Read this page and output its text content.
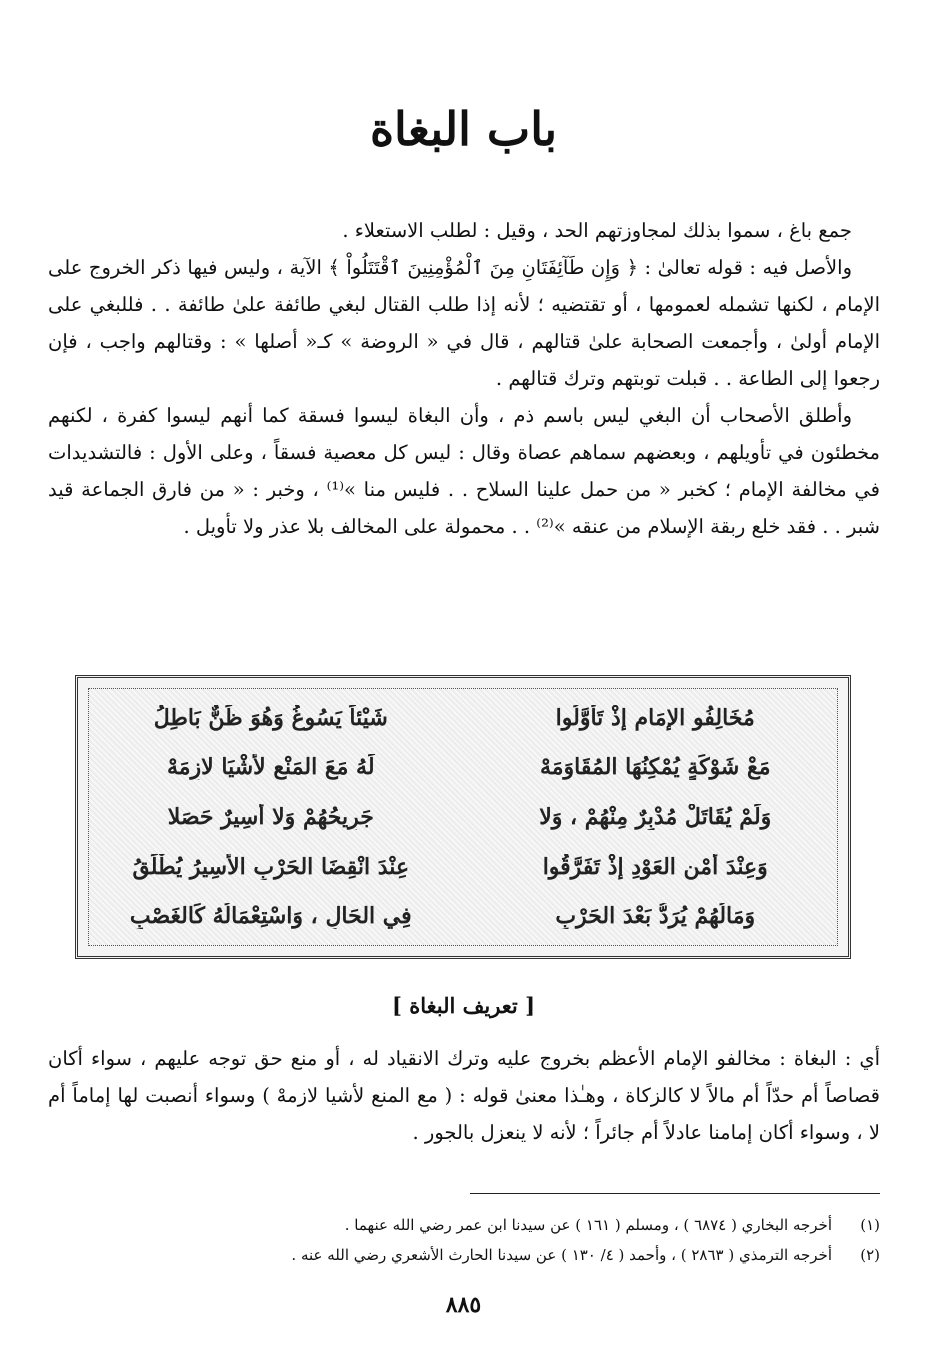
باب البغاة

جمع باغ ، سموا بذلك لمجاوزتهم الحد ، وقيل : لطلب الاستعلاء .

والأصل فيه : قوله تعالىٰ : ﴿ وَإِن طَآئِفَتَانِ مِنَ ٱلْمُؤْمِنِينَ ٱقْتَتَلُواْ ﴾ الآية ، وليس فيها ذكر الخروج على الإمام ، لكنها تشمله لعمومها ، أو تقتضيه ؛ لأنه إذا طلب القتال لبغي طائفة علىٰ طائفة . . فللبغي على الإمام أولىٰ ، وأجمعت الصحابة علىٰ قتالهم ، قال في « الروضة » كـ« أصلها » : وقتالهم واجب ، فإن رجعوا إلى الطاعة . . قبلت توبتهم وترك قتالهم .

وأطلق الأصحاب أن البغي ليس باسم ذم ، وأن البغاة ليسوا فسقة كما أنهم ليسوا كفرة ، لكنهم مخطئون في تأويلهم ، وبعضهم سماهم عصاة وقال : ليس كل معصية فسقاً ، وعلى الأول : فالتشديدات في مخالفة الإمام ؛ كخبر « من حمل علينا السلاح . . فليس منا »⁽¹⁾ ، وخبر : « من فارق الجماعة قيد شبر . . فقد خلع ربقة الإسلام من عنقه »⁽²⁾ . . محمولة على المخالف بلا عذر ولا تأويل .

مُخَالِفُو الإِمَامِ إِذْ تَأَوَّلُوا
شَيْئاً يَسُوغُ وَهُوَ ظَنٌّ بَاطِلُ
مَعْ شَوْكَةٍ يُمْكِنُهَا المُقَاوَمَهْ
لَهُ مَعَ المَنْعِ لأَشْيَا لازِمَهْ
وَلَمْ يُقَاتَلْ مُدْبِرٌ مِنْهُمْ ، وَلا
جَرِيحُهُمْ وَلا أَسِيرٌ حَصَلا
وَعِنْدَ أَمْنِ العَوْدِ إِذْ تَفَرَّقُوا
عِنْدَ انْقِضَا الحَرْبِ الأَسِيرُ يُطْلَقُ
وَمَالُهُمْ يُرَدُّ بَعْدَ الحَرْبِ
فِي الحَالِ ، وَاسْتِعْمَالُهُ كَالغَصْبِ
[ تعريف البغاة ]

أي : البغاة : مخالفو الإمام الأعظم بخروج عليه وترك الانقياد له ، أو منع حق توجه عليهم ، سواء أكان قصاصاً أم حدّاً أم مالاً لا كالزكاة ، وهـٰذا معنىٰ قوله : ( مع المنع لأشيا لازمهْ ) وسواء أنصبت لها إماماً أم لا ، وسواء أكان إمامنا عادلاً أم جائراً ؛ لأنه لا ينعزل بالجور .

(١)
أخرجه البخاري ( ٦٨٧٤ ) ، ومسلم ( ١٦١ ) عن سيدنا ابن عمر رضي الله عنهما .
(٢)
أخرجه الترمذي ( ٢٨٦٣ ) ، وأحمد ( ٤/ ١٣٠ ) عن سيدنا الحارث الأشعري رضي الله عنه .
٨٨٥
